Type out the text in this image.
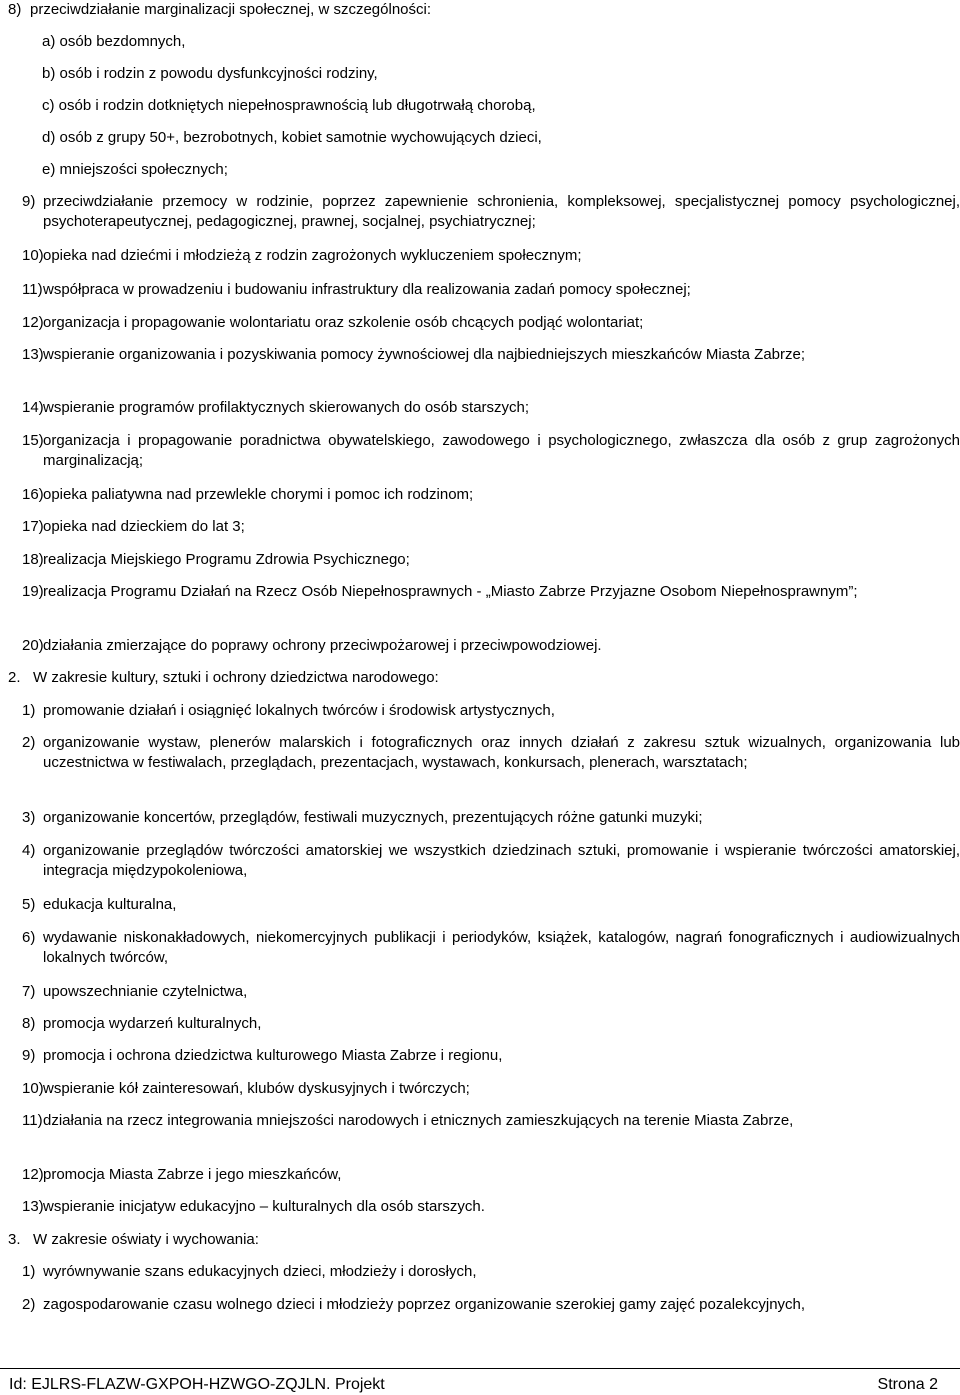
8) przeciwdziałanie marginalizacji społecznej, w szczególności:
a) osób bezdomnych,
b) osób i rodzin z powodu dysfunkcyjności rodziny,
c) osób i rodzin dotkniętych niepełnosprawnością lub długotrwałą chorobą,
d) osób z grupy 50+, bezrobotnych, kobiet samotnie wychowujących dzieci,
e) mniejszości społecznych;
9) przeciwdziałanie przemocy w rodzinie, poprzez zapewnienie schronienia, kompleksowej, specjalistycznej pomocy psychologicznej, psychoterapeutycznej, pedagogicznej, prawnej, socjalnej, psychiatrycznej;
10) opieka nad dziećmi i młodzieżą z rodzin zagrożonych wykluczeniem społecznym;
11) współpraca w prowadzeniu i budowaniu infrastruktury dla realizowania zadań pomocy społecznej;
12) organizacja i propagowanie wolontariatu oraz szkolenie osób chcących podjąć wolontariat;
13) wspieranie organizowania i pozyskiwania pomocy żywnościowej dla najbiedniejszych mieszkańców Miasta Zabrze;
14) wspieranie programów profilaktycznych skierowanych do osób starszych;
15) organizacja i propagowanie poradnictwa obywatelskiego, zawodowego i psychologicznego, zwłaszcza dla osób z grup zagrożonych marginalizacją;
16) opieka paliatywna nad przewlekle chorymi i pomoc ich rodzinom;
17) opieka nad dzieckiem do lat 3;
18) realizacja Miejskiego Programu Zdrowia Psychicznego;
19) realizacja Programu Działań na Rzecz Osób Niepełnosprawnych - „Miasto Zabrze Przyjazne Osobom Niepełnosprawnym”;
20) działania zmierzające do poprawy ochrony przeciwpożarowej i przeciwpowodziowej.
2. W zakresie kultury, sztuki i ochrony dziedzictwa narodowego:
1) promowanie działań i osiągnięć lokalnych twórców i środowisk artystycznych,
2) organizowanie wystaw, plenerów malarskich i fotograficznych oraz innych działań z zakresu sztuk wizualnych, organizowania lub uczestnictwa w festiwalach, przeglądach, prezentacjach, wystawach, konkursach, plenerach, warsztatach;
3) organizowanie koncertów, przeglądów, festiwali muzycznych, prezentujących różne gatunki muzyki;
4) organizowanie przeglądów twórczości amatorskiej we wszystkich dziedzinach sztuki, promowanie i wspieranie twórczości amatorskiej, integracja międzypokoleniowa,
5) edukacja kulturalna,
6) wydawanie niskonakładowych, niekomercyjnych publikacji i periodyków, książek, katalogów, nagrań fonograficznych i audiowizualnych lokalnych twórców,
7) upowszechnianie czytelnictwa,
8) promocja wydarzeń kulturalnych,
9) promocja i ochrona dziedzictwa kulturowego Miasta Zabrze i regionu,
10) wspieranie kół zainteresowań, klubów dyskusyjnych i twórczych;
11) działania na rzecz integrowania mniejszości narodowych i etnicznych zamieszkujących na terenie Miasta Zabrze,
12) promocja Miasta Zabrze i jego mieszkańców,
13) wspieranie inicjatyw edukacyjno – kulturalnych dla osób starszych.
3. W zakresie oświaty i wychowania:
1) wyrównywanie szans edukacyjnych dzieci, młodzieży i dorosłych,
2) zagospodarowanie czasu wolnego dzieci i młodzieży poprzez organizowanie szerokiej gamy zajęć pozalekcyjnych,
Id: EJLRS-FLAZW-GXPOH-HZWGO-ZQJLN. Projekt	Strona 2
